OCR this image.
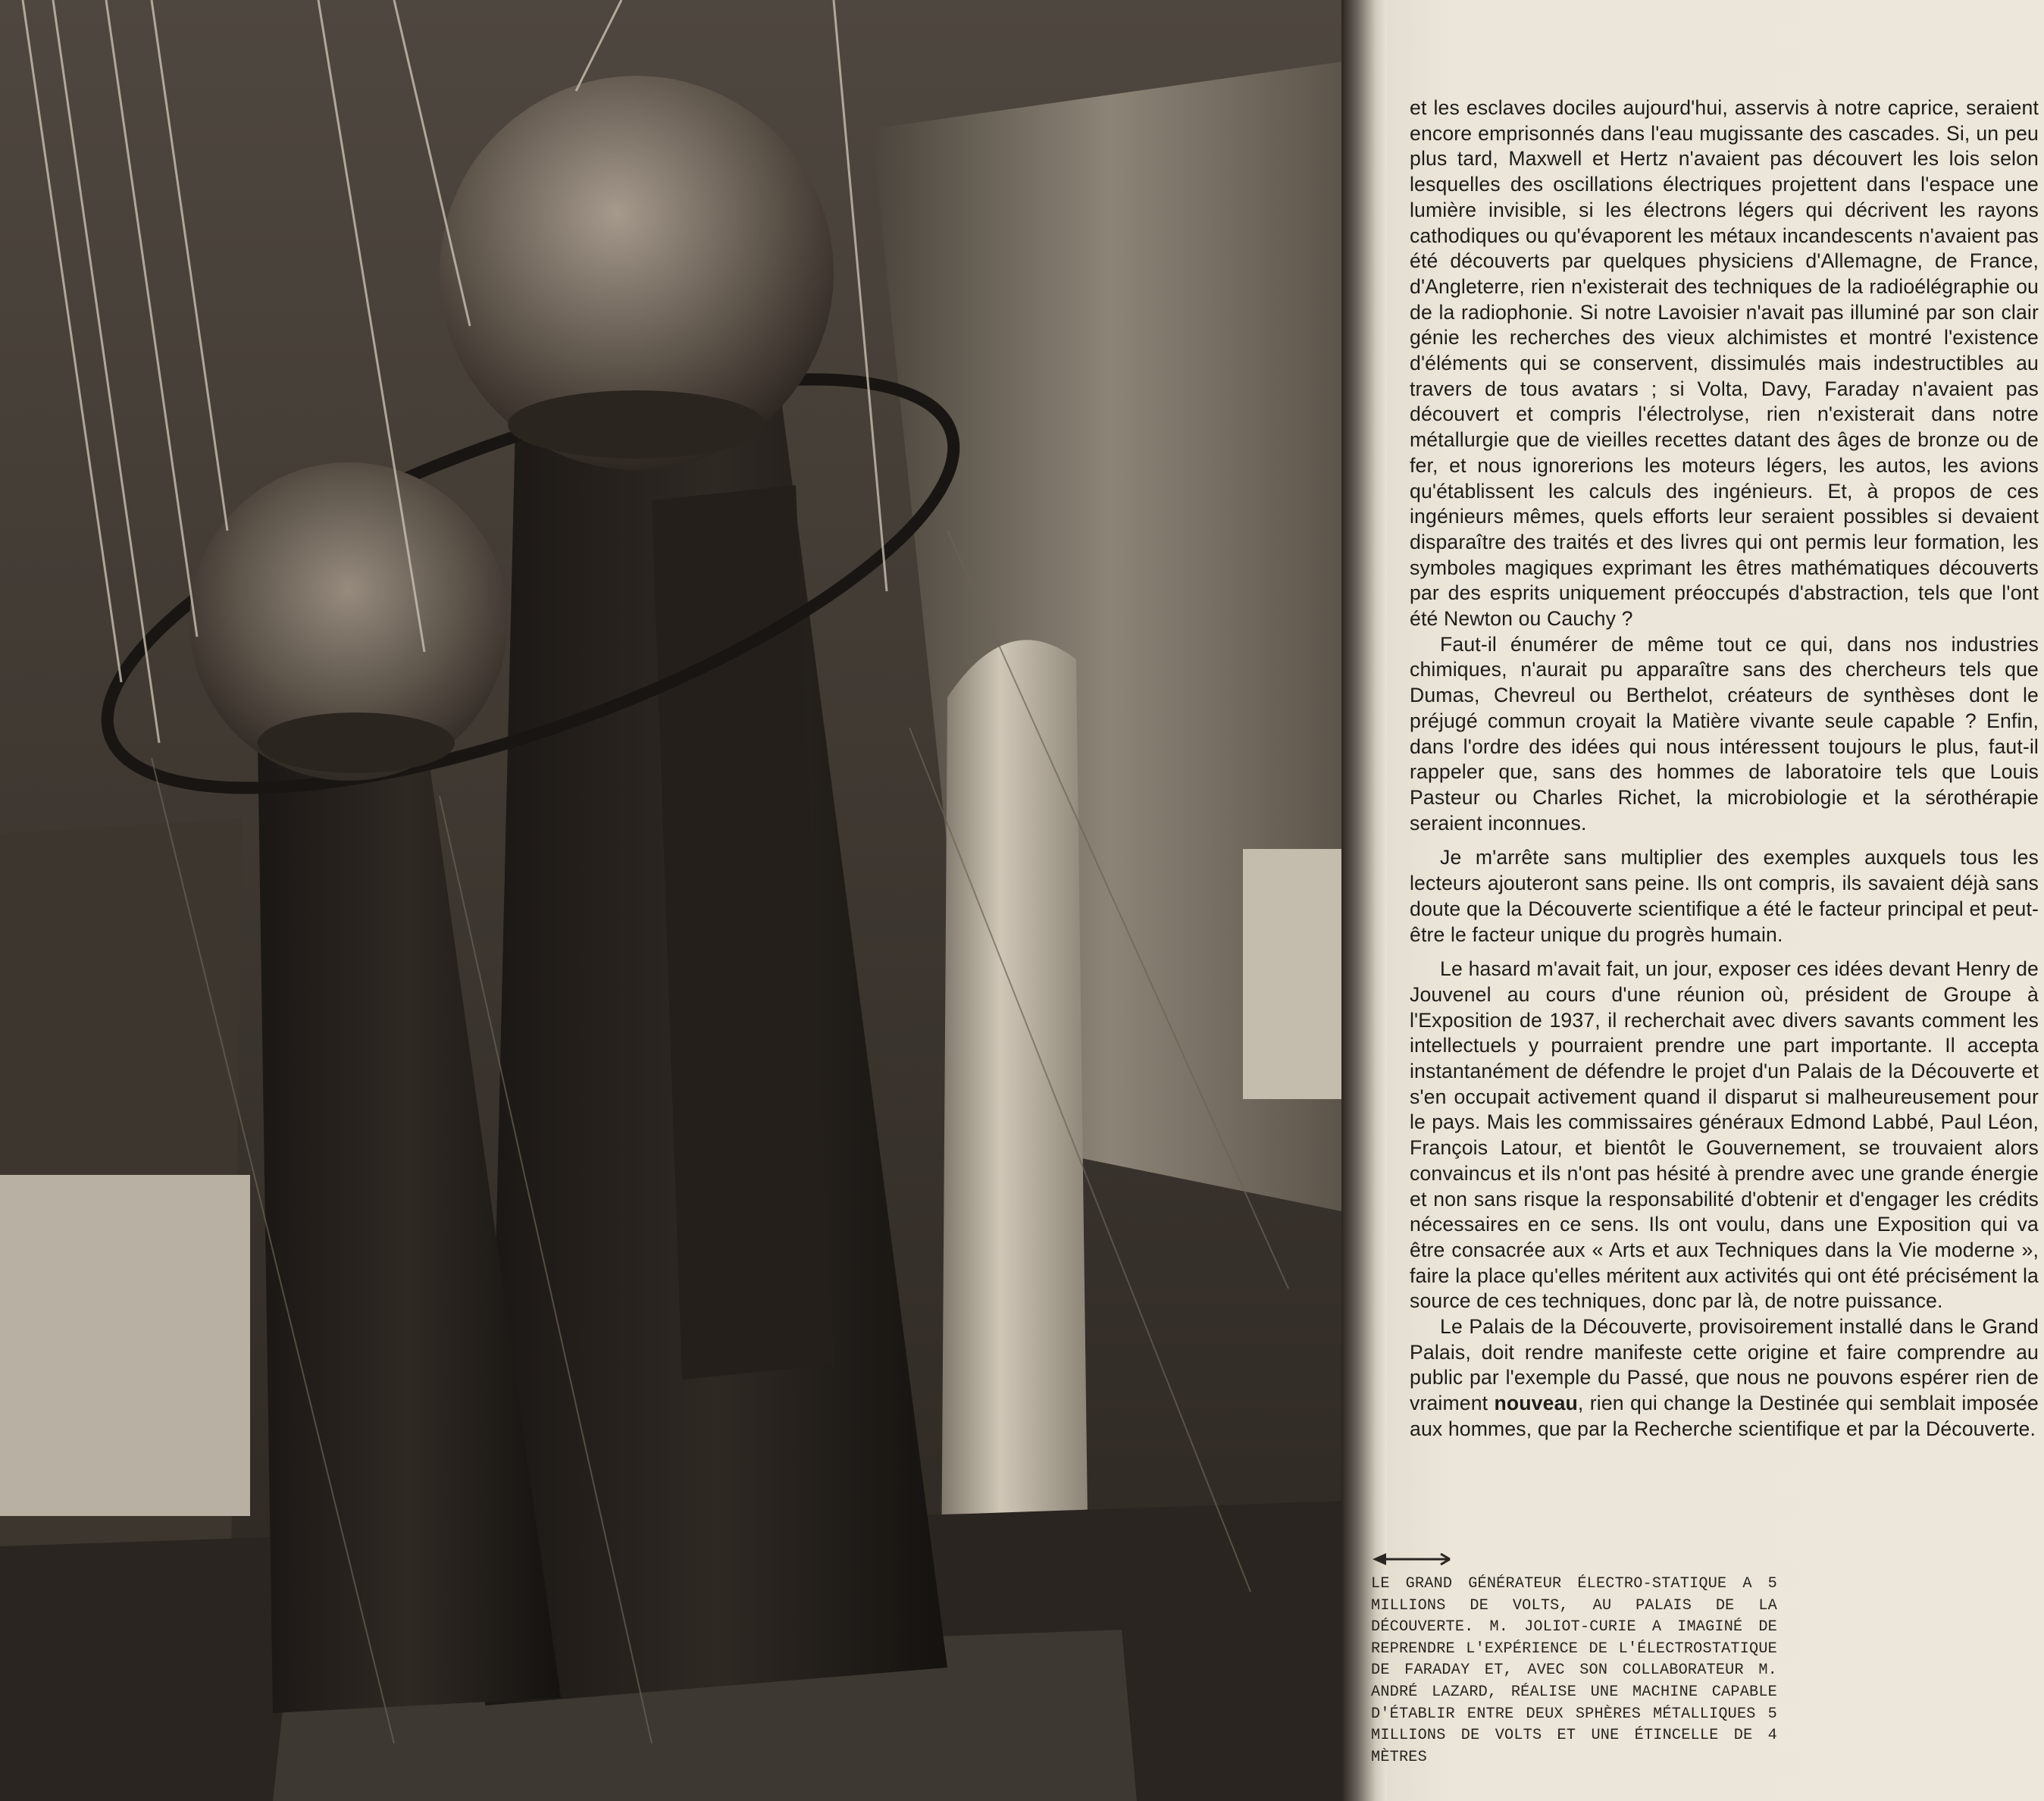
et les esclaves dociles aujourd'hui, asservis à notre caprice, seraient encore emprisonnés dans l'eau mugissante des cascades. Si, un peu plus tard, Maxwell et Hertz n'avaient pas découvert les lois selon lesquelles des oscillations électriques projettent dans l'espace une lumière invisible, si les électrons légers qui décrivent les rayons cathodiques ou qu'évaporent les métaux incandescents n'avaient pas été découverts par quelques physiciens d'Allemagne, de France, d'Angleterre, rien n'existerait des techniques de la radioélégraphie ou de la radiophonie. Si notre Lavoisier n'avait pas illuminé par son clair génie les recherches des vieux alchimistes et montré l'existence d'éléments qui se conservent, dissimulés mais indestructibles au travers de tous avatars ; si Volta, Davy, Faraday n'avaient pas découvert et compris l'électrolyse, rien n'existerait dans notre métallurgie que de vieilles recettes datant des âges de bronze ou de fer, et nous ignorerions les moteurs légers, les autos, les avions qu'établissent les calculs des ingénieurs. Et, à propos de ces ingénieurs mêmes, quels efforts leur seraient possibles si devaient disparaître des traités et des livres qui ont permis leur formation, les symboles magiques exprimant les êtres mathématiques découverts par des esprits uniquement préoccupés d'abstraction, tels que l'ont été Newton ou Cauchy ?

Faut-il énumérer de même tout ce qui, dans nos industries chimiques, n'aurait pu apparaître sans des chercheurs tels que Dumas, Chevreul ou Berthelot, créateurs de synthèses dont le préjugé commun croyait la Matière vivante seule capable ? Enfin, dans l'ordre des idées qui nous intéressent toujours le plus, faut-il rappeler que, sans des hommes de laboratoire tels que Louis Pasteur ou Charles Richet, la microbiologie et la sérothérapie seraient inconnues.

Je m'arrête sans multiplier des exemples auxquels tous les lecteurs ajouteront sans peine. Ils ont compris, ils savaient déjà sans doute que la Découverte scientifique a été le facteur principal et peut-être le facteur unique du progrès humain.

Le hasard m'avait fait, un jour, exposer ces idées devant Henry de Jouvenel au cours d'une réunion où, président de Groupe à l'Exposition de 1937, il recherchait avec divers savants comment les intellectuels y pourraient prendre une part importante. Il accepta instantanément de défendre le projet d'un Palais de la Découverte et s'en occupait activement quand il disparut si malheureusement pour le pays. Mais les commissaires généraux Edmond Labbé, Paul Léon, François Latour, et bientôt le Gouvernement, se trouvaient alors convaincus et ils n'ont pas hésité à prendre avec une grande énergie et non sans risque la responsabilité d'obtenir et d'engager les crédits nécessaires en ce sens. Ils ont voulu, dans une Exposition qui va être consacrée aux « Arts et aux Techniques dans la Vie moderne », faire la place qu'elles méritent aux activités qui ont été précisément la source de ces techniques, donc par là, de notre puissance.

Le Palais de la Découverte, provisoirement installé dans le Grand Palais, doit rendre manifeste cette origine et faire comprendre au public par l'exemple du Passé, que nous ne pouvons espérer rien de vraiment nouveau, rien qui change la Destinée qui semblait imposée aux hommes, que par la Recherche scientifique et par la Découverte.

LE GRAND GÉNÉRATEUR ÉLECTRO-STATIQUE A 5 MILLIONS DE VOLTS, AU PALAIS DE LA DÉCOUVERTE. M. JOLIOT-CURIE A IMAGINÉ DE REPRENDRE L'EXPÉRIENCE DE L'ÉLECTROSTATIQUE DE FARADAY ET, AVEC SON COLLABORATEUR M. ANDRÉ LAZARD, RÉALISE UNE MACHINE CAPABLE D'ÉTABLIR ENTRE DEUX SPHÈRES MÉTALLIQUES 5 MILLIONS DE VOLTS ET UNE ÉTINCELLE DE 4 MÈTRES
